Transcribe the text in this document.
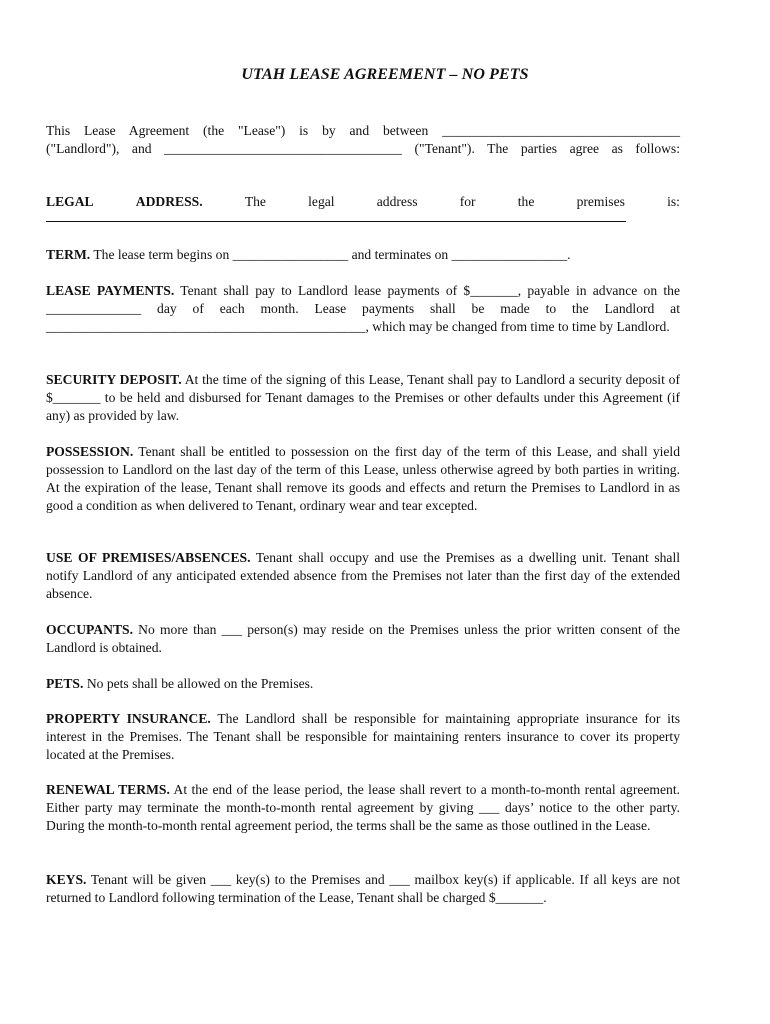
UTAH LEASE AGREEMENT – NO PETS
This Lease Agreement (the "Lease") is by and between ___________________________________
("Landlord"), and ___________________________________ ("Tenant"). The parties agree as follows:
LEGAL	ADDRESS.	The	legal	address	for	the	premises	is:

TERM. The lease term begins on _________________ and terminates on _________________.

LEASE PAYMENTS. Tenant shall pay to Landlord lease payments of $_______, payable in advance on the ______________ day of each month. Lease payments shall be made to the Landlord at _______________________________________________, which may be changed from time to time by Landlord.

SECURITY DEPOSIT. At the time of the signing of this Lease, Tenant shall pay to Landlord a security deposit of $_______ to be held and disbursed for Tenant damages to the Premises or other defaults under this Agreement (if any) as provided by law.

POSSESSION. Tenant shall be entitled to possession on the first day of the term of this Lease, and shall yield possession to Landlord on the last day of the term of this Lease, unless otherwise agreed by both parties in writing. At the expiration of the lease, Tenant shall remove its goods and effects and return the Premises to Landlord in as good a condition as when delivered to Tenant, ordinary wear and tear excepted.

USE OF PREMISES/ABSENCES. Tenant shall occupy and use the Premises as a dwelling unit. Tenant shall notify Landlord of any anticipated extended absence from the Premises not later than the first day of the extended absence.

OCCUPANTS. No more than ___ person(s) may reside on the Premises unless the prior written consent of the Landlord is obtained.

PETS. No pets shall be allowed on the Premises.

PROPERTY INSURANCE. The Landlord shall be responsible for maintaining appropriate insurance for its interest in the Premises. The Tenant shall be responsible for maintaining renters insurance to cover its property located at the Premises.

RENEWAL TERMS. At the end of the lease period, the lease shall revert to a month-to-month rental agreement. Either party may terminate the month-to-month rental agreement by giving ___ days’ notice to the other party. During the month-to-month rental agreement period, the terms shall be the same as those outlined in the Lease.

KEYS. Tenant will be given ___ key(s) to the Premises and ___ mailbox key(s) if applicable. If all keys are not returned to Landlord following termination of the Lease, Tenant shall be charged $_______.
